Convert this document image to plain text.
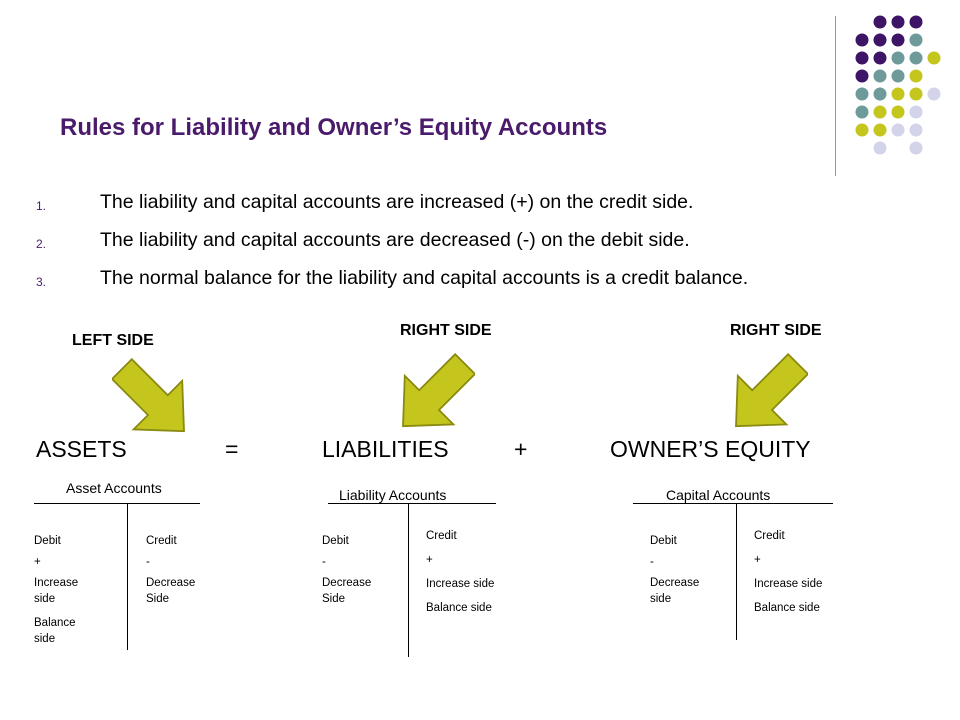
Rules for Liability and Owner’s Equity Accounts
1.	The liability and capital accounts are increased (+) on the credit side.
2.	The liability and capital accounts are decreased (-) on the debit side.
3.	The normal balance for the liability and capital accounts is a credit balance.
LEFT SIDE
RIGHT SIDE	RIGHT SIDE
ASSETS	=	LIABILITIES	+	OWNER’S EQUITY
Asset Accounts
Debit
+
Increase
side
Balance
side
Credit
-
Decrease
Side
Liability Accounts
Debit
-
Decrease
Side
Credit
+
Increase side
Balance side
Capital Accounts
Debit
-
Decrease
side
Credit
+
Increase side
Balance side
